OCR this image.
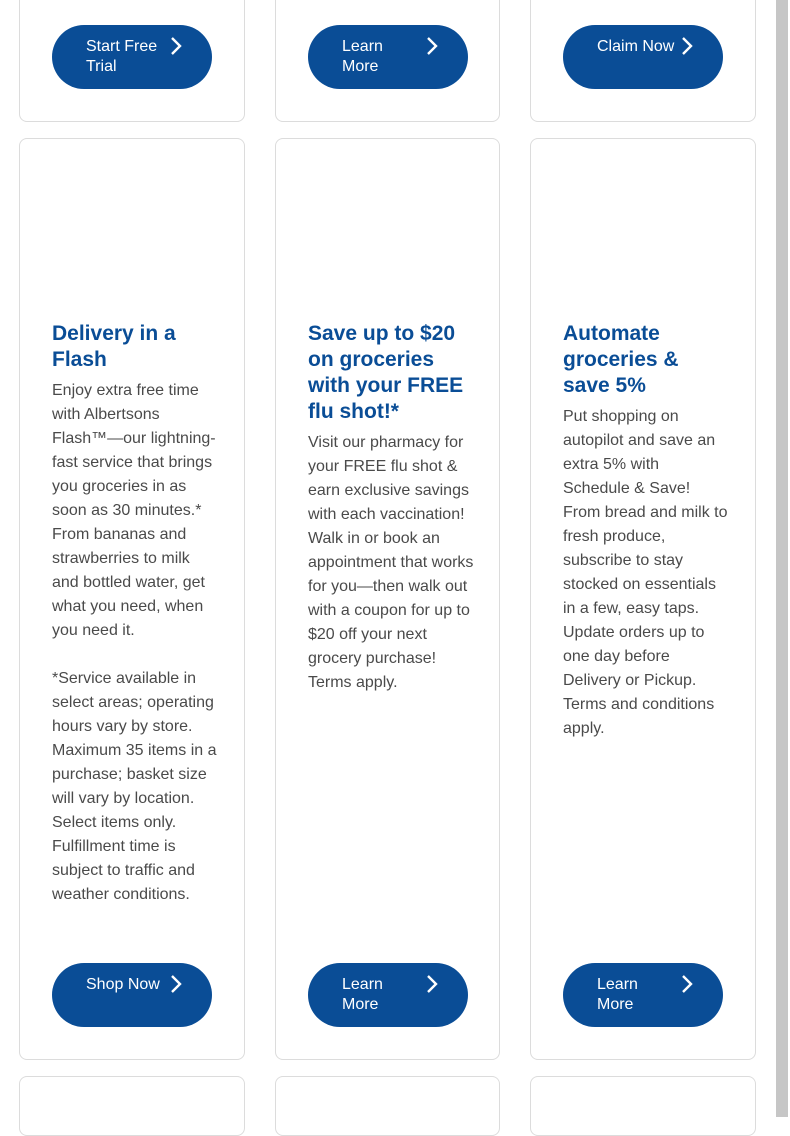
Start Free Trial
Learn More
Claim Now
Delivery in a Flash

Enjoy extra free time with Albertsons Flash™—our lightning-fast service that brings you groceries in as soon as 30 minutes.* From bananas and strawberries to milk and bottled water, get what you need, when you need it.

*Service available in select areas; operating hours vary by store. Maximum 35 items in a purchase; basket size will vary by location. Select items only. Fulfillment time is subject to traffic and weather conditions.

Shop Now
Save up to $20 on groceries with your FREE flu shot!*

Visit our pharmacy for your FREE flu shot & earn exclusive savings with each vaccination! Walk in or book an appointment that works for you—then walk out with a coupon for up to $20 off your next grocery purchase! Terms apply.

Learn More
Automate groceries & save 5%

Put shopping on autopilot and save an extra 5% with Schedule & Save! From bread and milk to fresh produce, subscribe to stay stocked on essentials in a few, easy taps. Update orders up to one day before Delivery or Pickup. Terms and conditions apply.

Learn More
